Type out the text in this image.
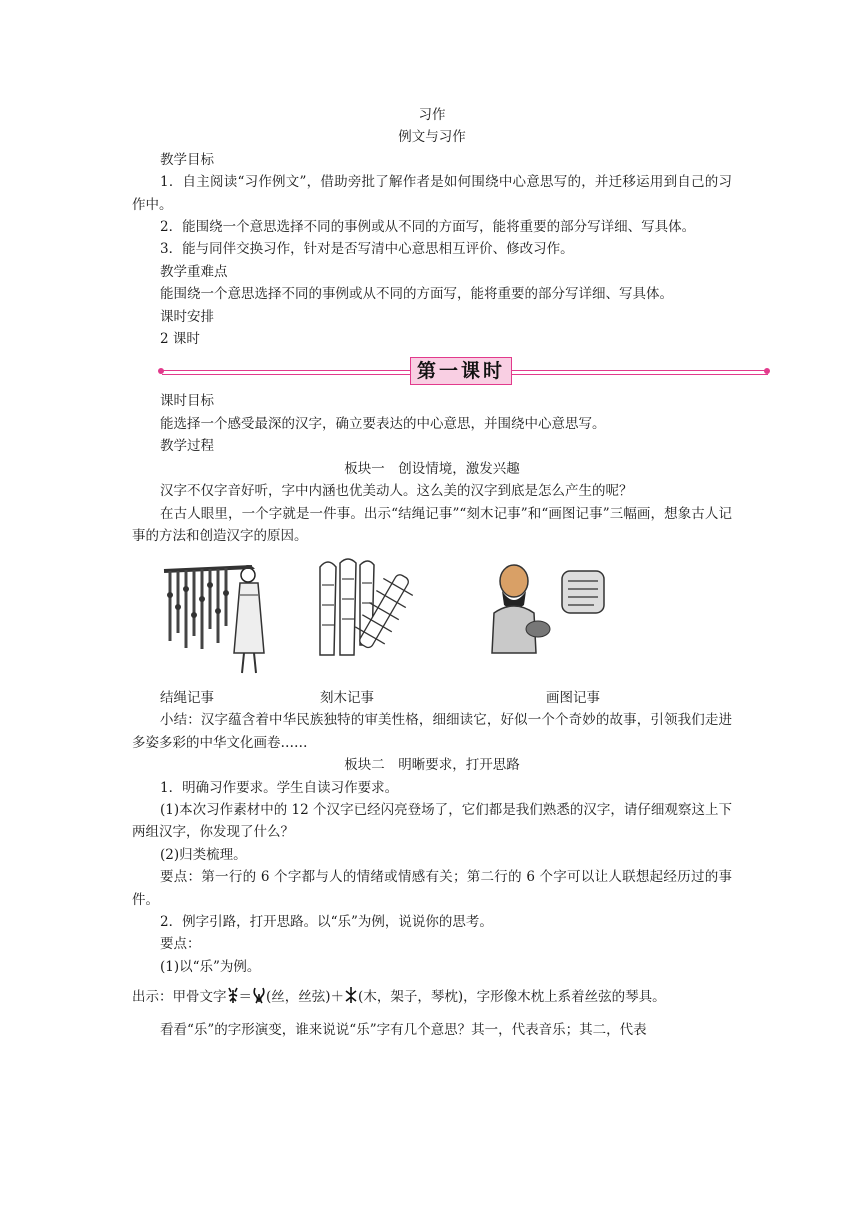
习作

例文与习作

教学目标

1．自主阅读“习作例文”，借助旁批了解作者是如何围绕中心意思写的，并迁移运用到自己的习作中。

2．能围绕一个意思选择不同的事例或从不同的方面写，能将重要的部分写详细、写具体。

3．能与同伴交换习作，针对是否写清中心意思相互评价、修改习作。

教学重难点

能围绕一个意思选择不同的事例或从不同的方面写，能将重要的部分写详细、写具体。

课时安排

2 课时

第一课时

课时目标

能选择一个感受最深的汉字，确立要表达的中心意思，并围绕中心意思写。

教学过程

板块一　创设情境，激发兴趣

汉字不仅字音好听，字中内涵也优美动人。这么美的汉字到底是怎么产生的呢？

在古人眼里，一个字就是一件事。出示“结绳记事”“刻木记事”和“画图记事”三幅画，想象古人记事的方法和创造汉字的原因。

结绳记事	刻木记事	画图记事

小结：汉字蕴含着中华民族独特的审美性格，细细读它，好似一个个奇妙的故事，引领我们走进多姿多彩的中华文化画卷……

板块二　明晰要求，打开思路

1．明确习作要求。学生自读习作要求。

(1)本次习作素材中的 12 个汉字已经闪亮登场了，它们都是我们熟悉的汉字，请仔细观察这上下两组汉字，你发现了什么？

(2)归类梳理。

要点：第一行的 6 个字都与人的情绪或情感有关；第二行的 6 个字可以让人联想起经历过的事件。

2．例字引路，打开思路。以“乐”为例，说说你的思考。

要点：

(1)以“乐”为例。

出示：甲骨文字 ＝ (丝，丝弦)＋ (木，架子，琴枕)，字形像木枕上系着丝弦的琴具。

看看“乐”的字形演变，谁来说说“乐”字有几个意思？其一，代表音乐；其二，代表
